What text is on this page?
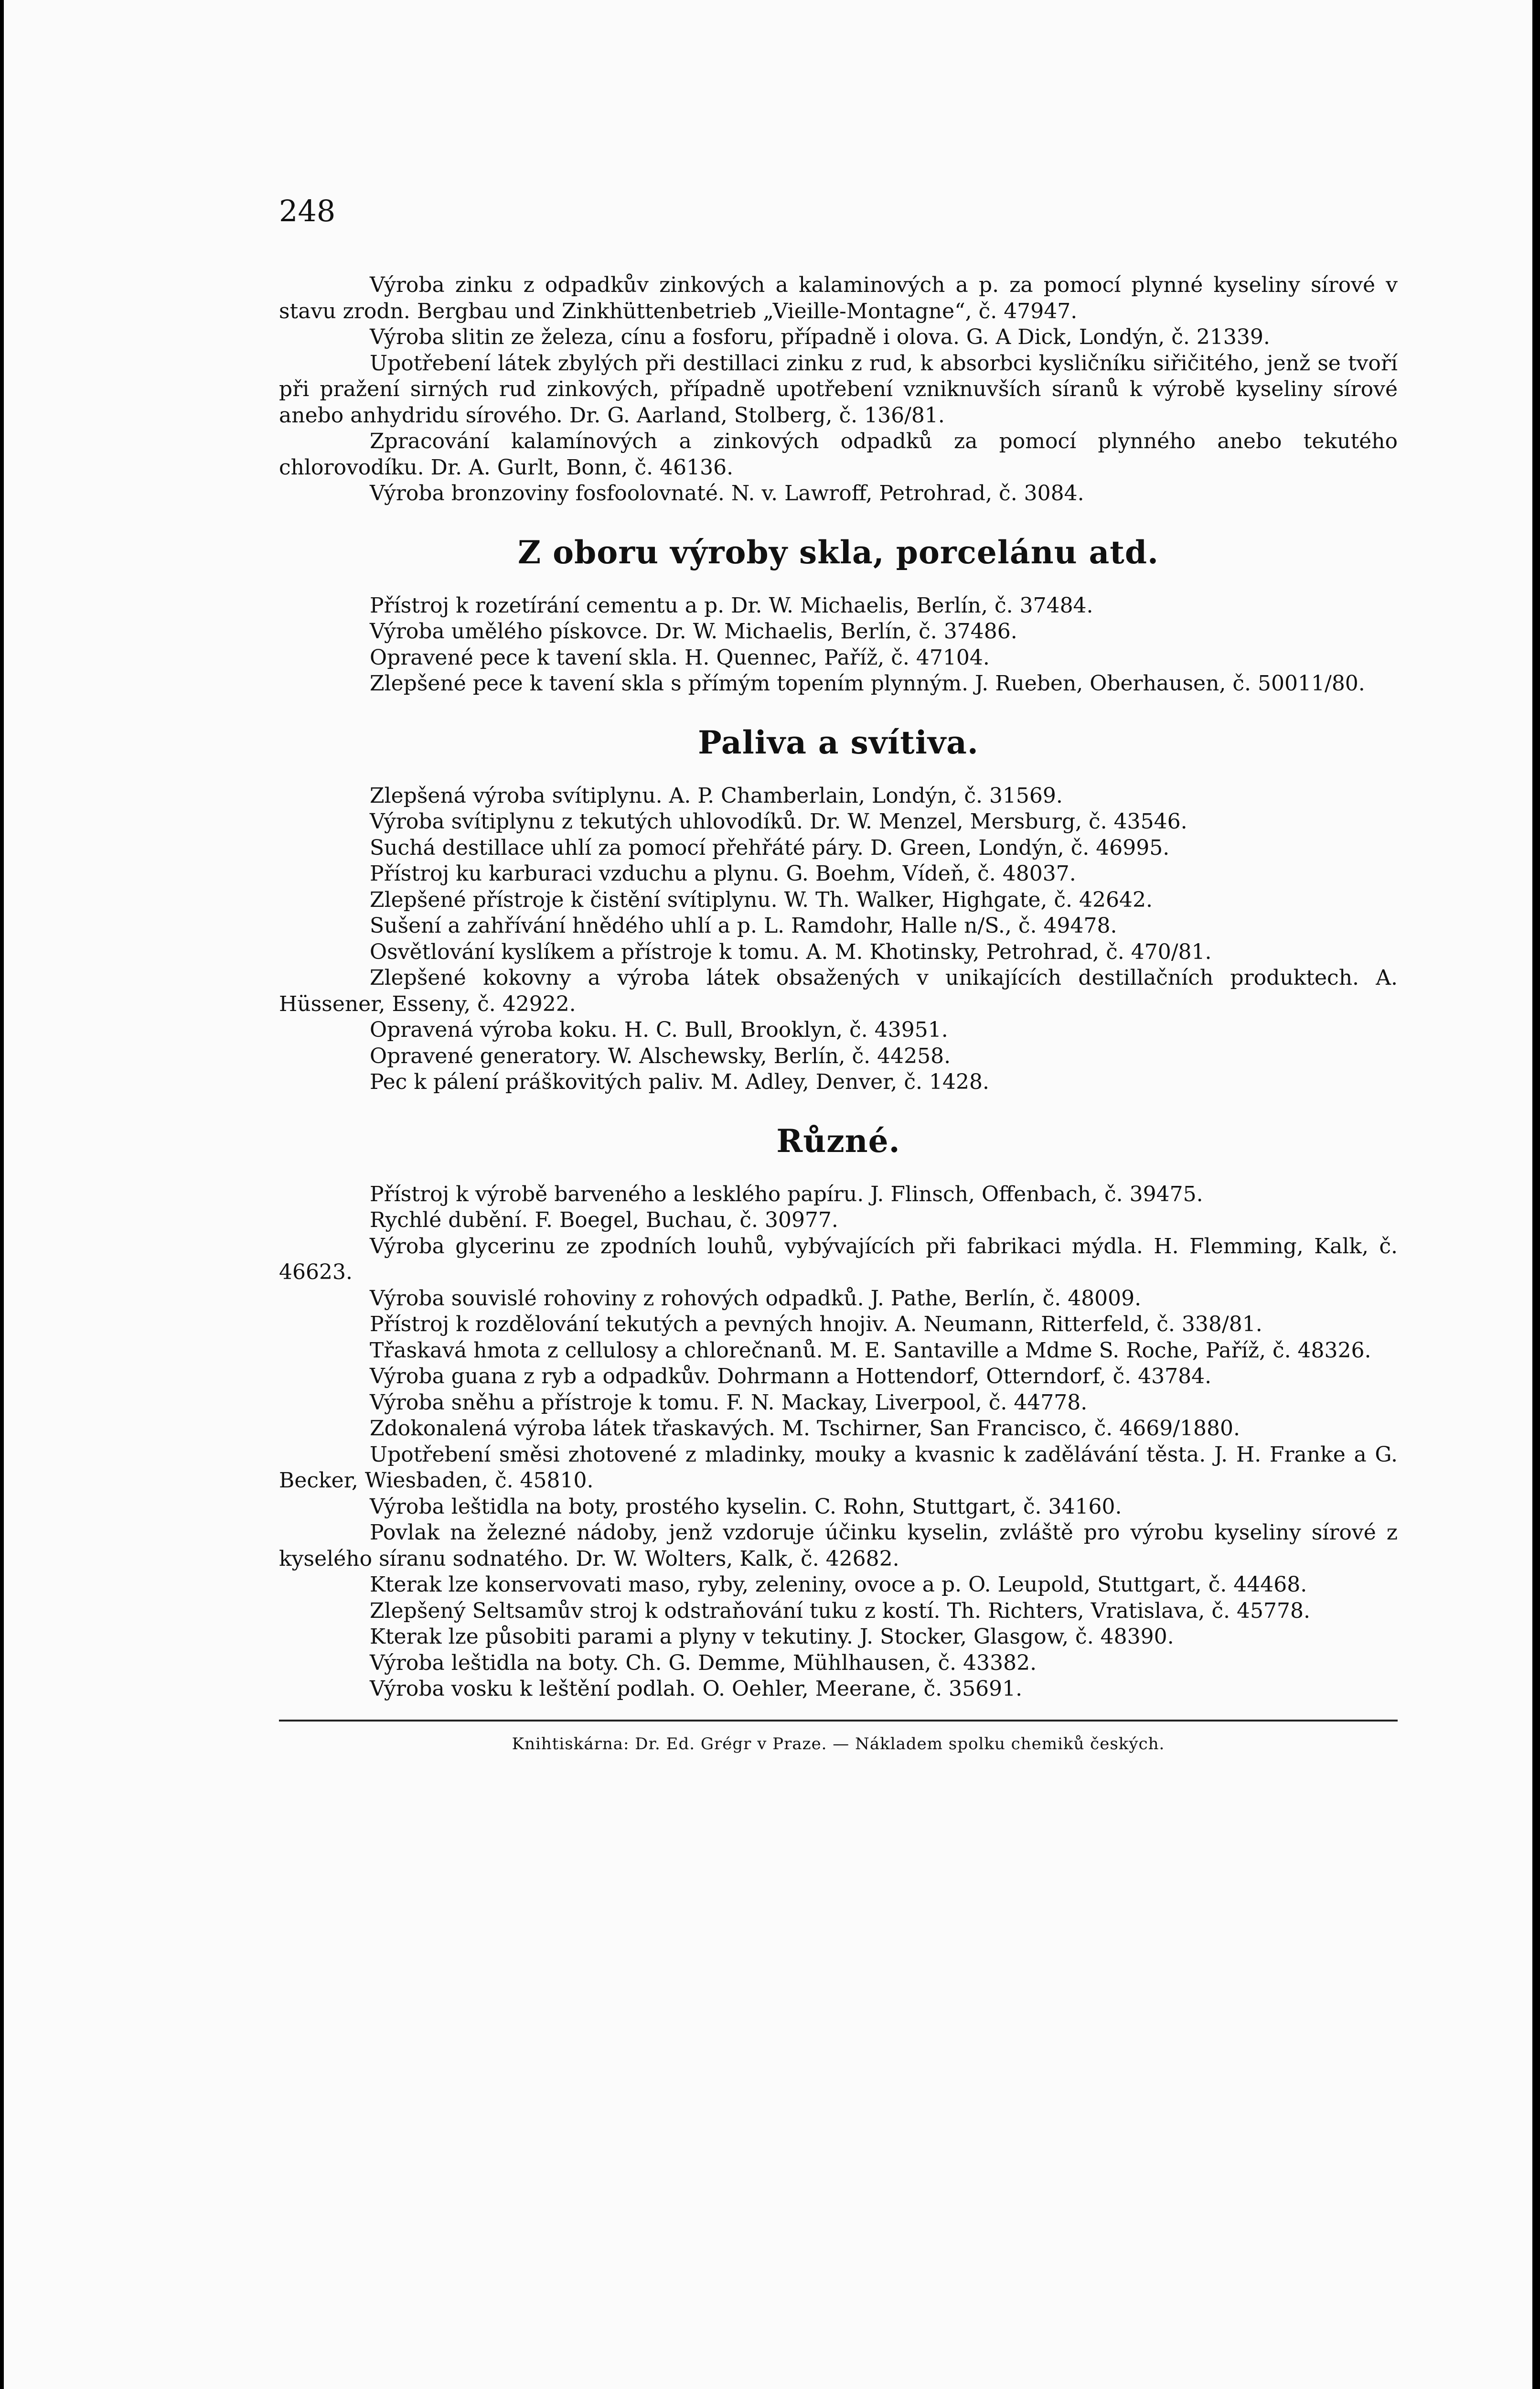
248

Výroba zinku z odpadkův zinkových a kalaminových a p. za pomocí plynné kyseliny sírové v stavu zrodn. Bergbau und Zinkhüttenbetrieb „Vieille-Montagne“, č. 47947.

Výroba slitin ze železa, cínu a fosforu, případně i olova. G. A Dick, Londýn, č. 21339.

Upotřebení látek zbylých při destillaci zinku z rud, k absorbci kysličníku siřičitého, jenž se tvoří při pražení sirných rud zinkových, případně upotřebení vzniknuvších síranů k výrobě kyseliny sírové anebo anhydridu sírového. Dr. G. Aarland, Stolberg, č. 136/81.

Zpracování kalamínových a zinkových odpadků za pomocí plynného anebo tekutého chlorovodíku. Dr. A. Gurlt, Bonn, č. 46136.

Výroba bronzoviny fosfoolovnaté. N. v. Lawroff, Petrohrad, č. 3084.

Z oboru výroby skla, porcelánu atd.

Přístroj k rozetírání cementu a p. Dr. W. Michaelis, Berlín, č. 37484.

Výroba umělého pískovce. Dr. W. Michaelis, Berlín, č. 37486.

Opravené pece k tavení skla. H. Quennec, Paříž, č. 47104.

Zlepšené pece k tavení skla s přímým topením plynným. J. Rueben, Oberhausen, č. 50011/80.

Paliva a svítiva.

Zlepšená výroba svítiplynu. A. P. Chamberlain, Londýn, č. 31569.

Výroba svítiplynu z tekutých uhlovodíků. Dr. W. Menzel, Mersburg, č. 43546.

Suchá destillace uhlí za pomocí přehřáté páry. D. Green, Londýn, č. 46995.

Přístroj ku karburaci vzduchu a plynu. G. Boehm, Vídeň, č. 48037.

Zlepšené přístroje k čistění svítiplynu. W. Th. Walker, Highgate, č. 42642.

Sušení a zahřívání hnědého uhlí a p. L. Ramdohr, Halle n/S., č. 49478.

Osvětlování kyslíkem a přístroje k tomu. A. M. Khotinsky, Petrohrad, č. 470/81.

Zlepšené kokovny a výroba látek obsažených v unikajících destillačních produktech. A. Hüssener, Esseny, č. 42922.

Opravená výroba koku. H. C. Bull, Brooklyn, č. 43951.

Opravené generatory. W. Alschewsky, Berlín, č. 44258.

Pec k pálení práškovitých paliv. M. Adley, Denver, č. 1428.

Různé.

Přístroj k výrobě barveného a lesklého papíru. J. Flinsch, Offenbach, č. 39475.

Rychlé dubění. F. Boegel, Buchau, č. 30977.

Výroba glycerinu ze zpodních louhů, vybývajících při fabrikaci mýdla. H. Flemming, Kalk, č. 46623.

Výroba souvislé rohoviny z rohových odpadků. J. Pathe, Berlín, č. 48009.

Přístroj k rozdělování tekutých a pevných hnojiv. A. Neumann, Ritterfeld, č. 338/81.

Třaskavá hmota z cellulosy a chlorečnanů. M. E. Santaville a Mdme S. Roche, Paříž, č. 48326.

Výroba guana z ryb a odpadkův. Dohrmann a Hottendorf, Otterndorf, č. 43784.

Výroba sněhu a přístroje k tomu. F. N. Mackay, Liverpool, č. 44778.

Zdokonalená výroba látek třaskavých. M. Tschirner, San Francisco, č. 4669/1880.

Upotřebení směsi zhotovené z mladinky, mouky a kvasnic k zadělávání těsta. J. H. Franke a G. Becker, Wiesbaden, č. 45810.

Výroba leštidla na boty, prostého kyselin. C. Rohn, Stuttgart, č. 34160.

Povlak na železné nádoby, jenž vzdoruje účinku kyselin, zvláště pro výrobu kyseliny sírové z kyselého síranu sodnatého. Dr. W. Wolters, Kalk, č. 42682.

Kterak lze konservovati maso, ryby, zeleniny, ovoce a p. O. Leupold, Stuttgart, č. 44468.

Zlepšený Seltsamův stroj k odstraňování tuku z kostí. Th. Richters, Vratislava, č. 45778.

Kterak lze působiti parami a plyny v tekutiny. J. Stocker, Glasgow, č. 48390.

Výroba leštidla na boty. Ch. G. Demme, Mühlhausen, č. 43382.

Výroba vosku k leštění podlah. O. Oehler, Meerane, č. 35691.

Knihtiskárna: Dr. Ed. Grégr v Praze. — Nákladem spolku chemiků českých.
